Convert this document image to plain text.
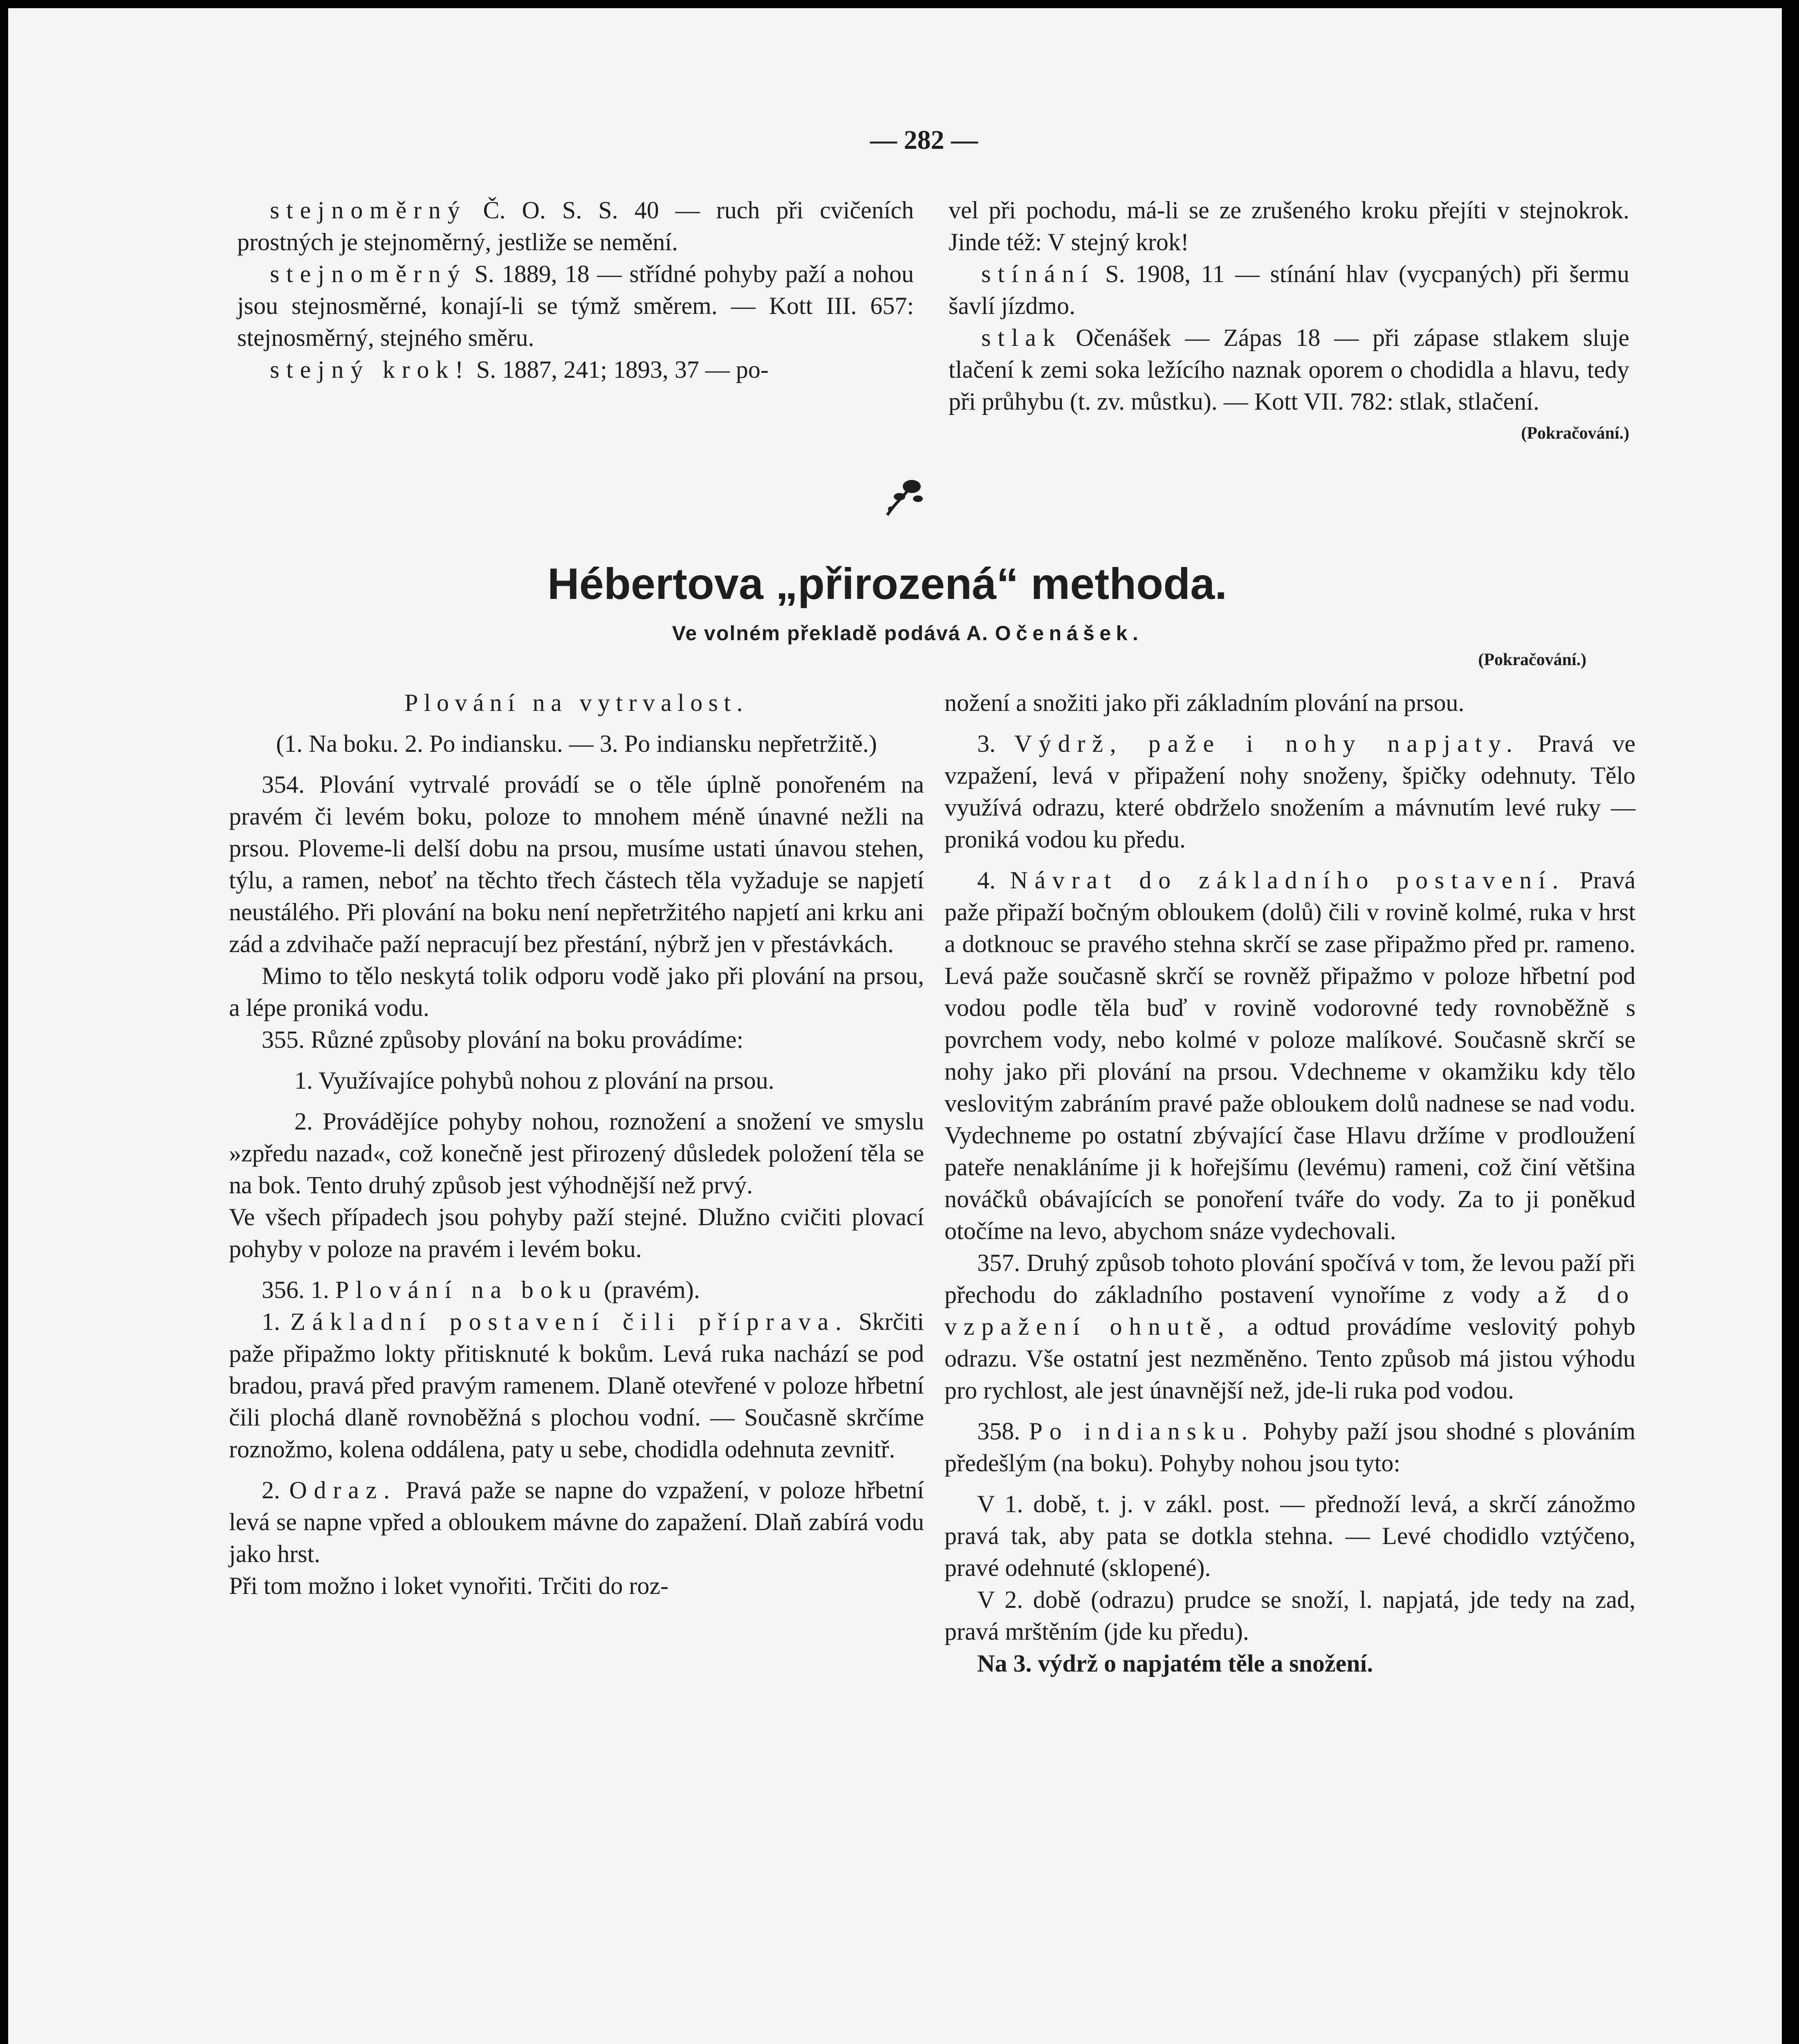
— 282 —

stejnoměrný Č. O. S. S. 40 — ruch při cvičeních prostných je stejnoměrný, jestliže se nemění.

stejnoměrný S. 1889, 18 — střídné pohyby paží a nohou jsou stejnosměrné, konají-li se týmž směrem. — Kott III. 657: stejnosměrný, stejného směru.

stejný krok! S. 1887, 241; 1893, 37 — po-

vel při pochodu, má-li se ze zrušeného kroku přejíti v stejnokrok. Jinde též: V stejný krok!

stínání S. 1908, 11 — stínání hlav (vycpaných) při šermu šavlí jízdmo.

stlak Očenášek — Zápas 18 — při zápase stlakem sluje tlačení k zemi soka ležícího naznak oporem o chodidla a hlavu, tedy při průhybu (t. zv. můstku). — Kott VII. 782: stlak, stlačení.

(Pokračování.)
Hébertova „přirozená“ methoda.
Ve volném překladě podává A. Očenášek.
(Pokračování.)

Plování na vytrvalost.

(1. Na boku. 2. Po indiansku. — 3. Po indiansku nepřetržitě.)

354. Plování vytrvalé provádí se o těle úplně ponořeném na pravém či levém boku, poloze to mnohem méně únavné nežli na prsou. Ploveme-li delší dobu na prsou, musíme ustati únavou stehen, týlu, a ramen, neboť na těchto třech částech těla vyžaduje se napjetí neustálého. Při plování na boku není nepřetržitého napjetí ani krku ani zád a zdvihače paží nepracují bez přestání, nýbrž jen v přestávkách.

Mimo to tělo neskytá tolik odporu vodě jako při plování na prsou, a lépe proniká vodu.

355. Různé způsoby plování na boku provádíme:

1. Využívajíce pohybů nohou z plování na prsou.

2. Provádějíce pohyby nohou, roznožení a snožení ve smyslu »zpředu nazad«, což konečně jest přirozený důsledek položení těla se na bok. Tento druhý způsob jest výhodnější než prvý.

Ve všech případech jsou pohyby paží stejné. Dlužno cvičiti plovací pohyby v poloze na pravém i levém boku.

356. 1. Plování na boku (pravém).

1. Základní postavení čili příprava. Skrčiti paže připažmo lokty přitisknuté k bokům. Levá ruka nachází se pod bradou, pravá před pravým ramenem. Dlaně otevřené v poloze hřbetní čili plochá dlaně rovnoběžná s plochou vodní. — Současně skrčíme roznožmo, kolena oddálena, paty u sebe, chodidla odehnuta zevnitř.

2. Odraz. Pravá paže se napne do vzpažení, v poloze hřbetní levá se napne vpřed a obloukem mávne do zapažení. Dlaň zabírá vodu jako hrst.

Při tom možno i loket vynořiti. Trčiti do roz-

nožení a snožiti jako při základním plování na prsou.

3. Výdrž, paže i nohy napjaty. Pravá ve vzpažení, levá v připažení nohy snoženy, špičky odehnuty. Tělo využívá odrazu, které obdrželo snožením a mávnutím levé ruky — proniká vodou ku předu.

4. Návrat do základního postavení. Pravá paže připaží bočným obloukem (dolů) čili v rovině kolmé, ruka v hrst a dotknouc se pravého stehna skrčí se zase připažmo před pr. rameno. Levá paže současně skrčí se rovněž připažmo v poloze hřbetní pod vodou podle těla buď v rovině vodorovné tedy rovnoběžně s povrchem vody, nebo kolmé v poloze malíkové. Současně skrčí se nohy jako při plování na prsou. Vdechneme v okamžiku kdy tělo veslovitým zabráním pravé paže obloukem dolů nadnese se nad vodu. Vydechneme po ostatní zbývající čase Hlavu držíme v prodloužení pateře nenakláníme ji k hořejšímu (levému) rameni, což činí většina nováčků obávajících se ponoření tváře do vody. Za to ji poněkud otočíme na levo, abychom snáze vydechovali.

357. Druhý způsob tohoto plování spočívá v tom, že levou paží při přechodu do základního postavení vynoříme z vody až do vzpažení ohnutě, a odtud provádíme veslovitý pohyb odrazu. Vše ostatní jest nezměněno. Tento způsob má jistou výhodu pro rychlost, ale jest únavnější než, jde-li ruka pod vodou.

358. Po indiansku. Pohyby paží jsou shodné s plováním předešlým (na boku). Pohyby nohou jsou tyto:

V 1. době, t. j. v zákl. post. — přednoží levá, a skrčí zánožmo pravá tak, aby pata se dotkla stehna. — Levé chodidlo vztýčeno, pravé odehnuté (sklopené).

V 2. době (odrazu) prudce se snoží, l. napjatá, jde tedy na zad, pravá mrštěním (jde ku předu).

Na 3. výdrž o napjatém těle a snožení.
